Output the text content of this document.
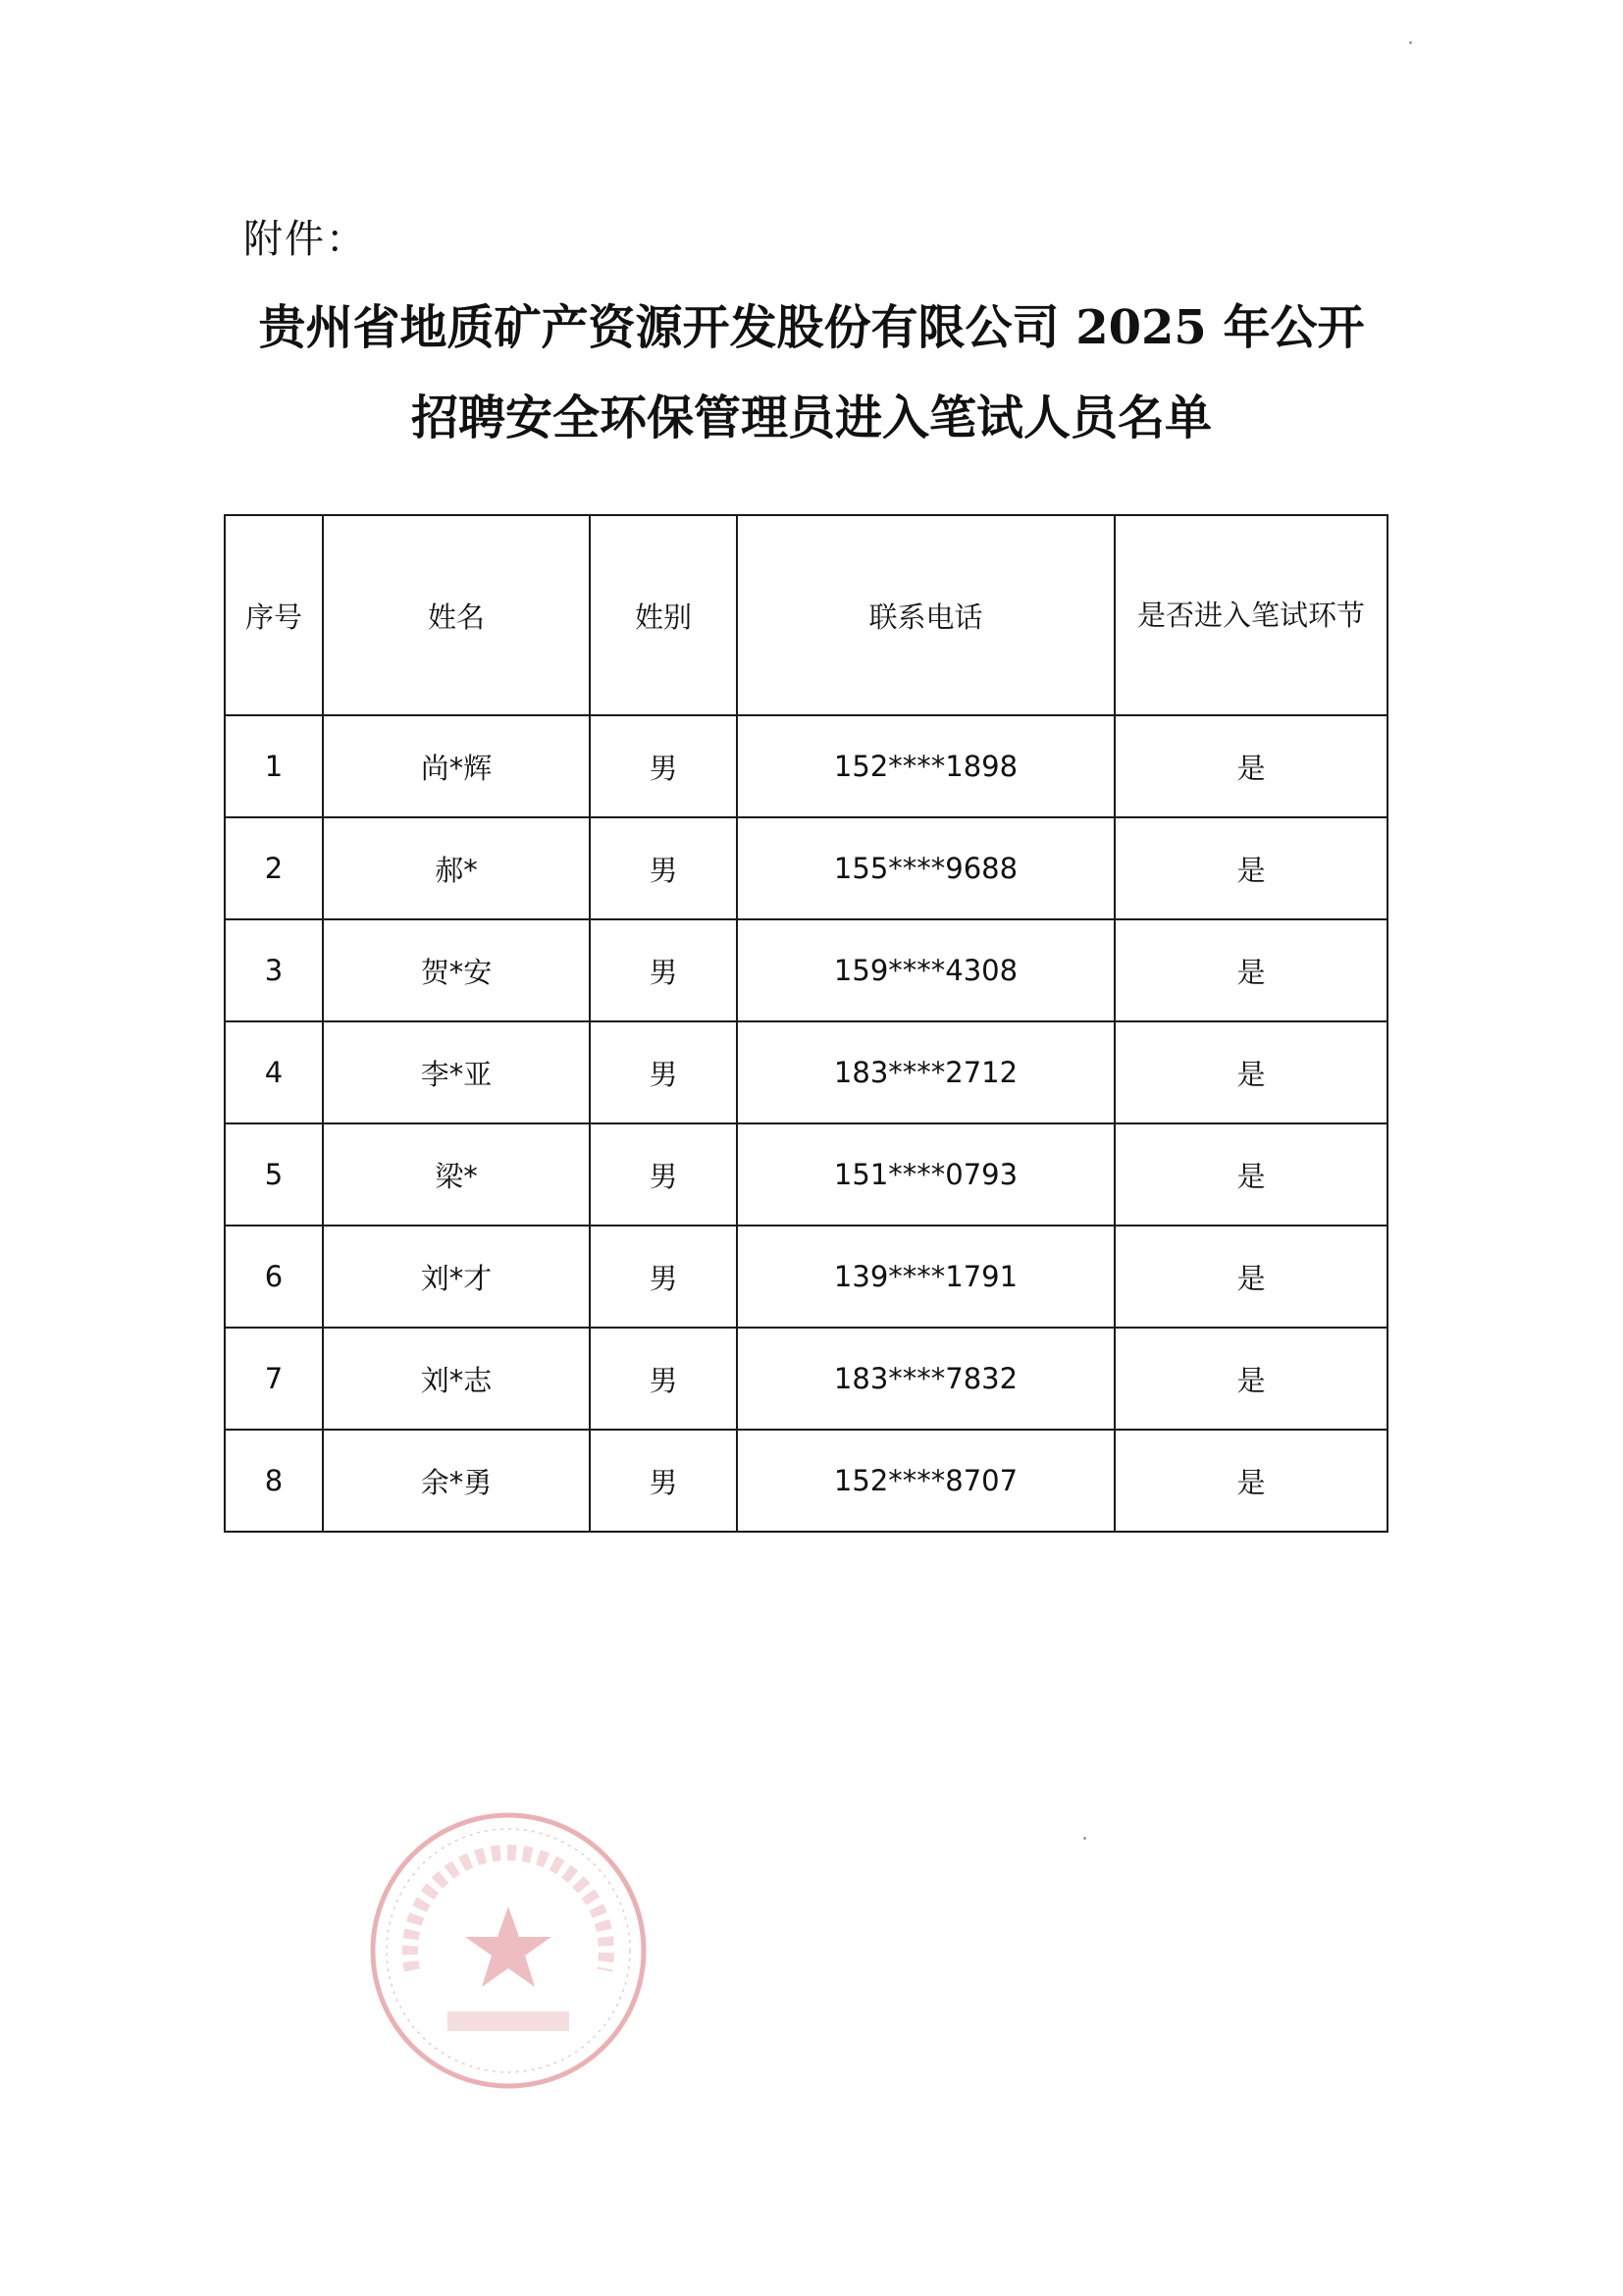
附件：
贵州省地质矿产资源开发股份有限公司 2025 年公开
招聘安全环保管理员进入笔试人员名单
序号	姓名	姓别	联系电话	是否进入笔试环节
1	尚*辉	男	152****1898	是
2	郝*	男	155****9688	是
3	贺*安	男	159****4308	是
4	李*亚	男	183****2712	是
5	梁*	男	151****0793	是
6	刘*才	男	139****1791	是
7	刘*志	男	183****7832	是
8	余*勇	男	152****8707	是
